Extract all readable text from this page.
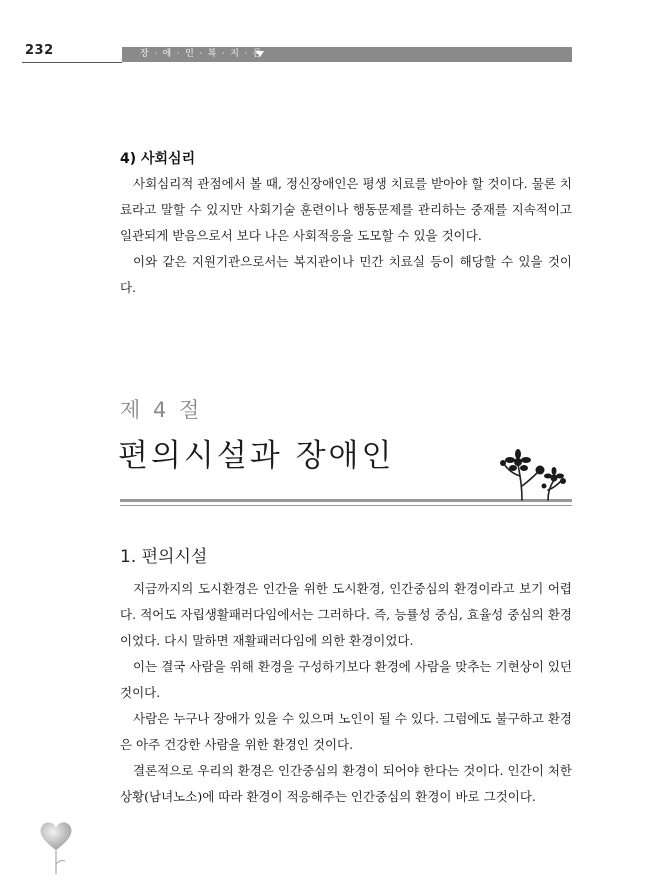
232	장·애·인·복·지·론
4) 사회심리

사회심리적 관점에서 볼 때, 정신장애인은 평생 치료를 받아야 할 것이다. 물론 치료라고 말할 수 있지만 사회기술 훈련이나 행동문제를 관리하는 중재를 지속적이고 일관되게 받음으로서 보다 나은 사회적응을 도모할 수 있을 것이다.

이와 같은 지원기관으로서는 복지관이나 민간 치료실 등이 해당할 수 있을 것이다.

제 4 절
편의시설과 장애인
1. 편의시설

지금까지의 도시환경은 인간을 위한 도시환경, 인간중심의 환경이라고 보기 어렵다. 적어도 자립생활패러다임에서는 그러하다. 즉, 능률성 중심, 효율성 중심의 환경이었다. 다시 말하면 재활패러다임에 의한 환경이었다.

이는 결국 사람을 위해 환경을 구성하기보다 환경에 사람을 맞추는 기현상이 있던 것이다.

사람은 누구나 장애가 있을 수 있으며 노인이 될 수 있다. 그럼에도 불구하고 환경은 아주 건강한 사람을 위한 환경인 것이다.

결론적으로 우리의 환경은 인간중심의 환경이 되어야 한다는 것이다. 인간이 처한 상황(남녀노소)에 따라 환경이 적응해주는 인간중심의 환경이 바로 그것이다.
